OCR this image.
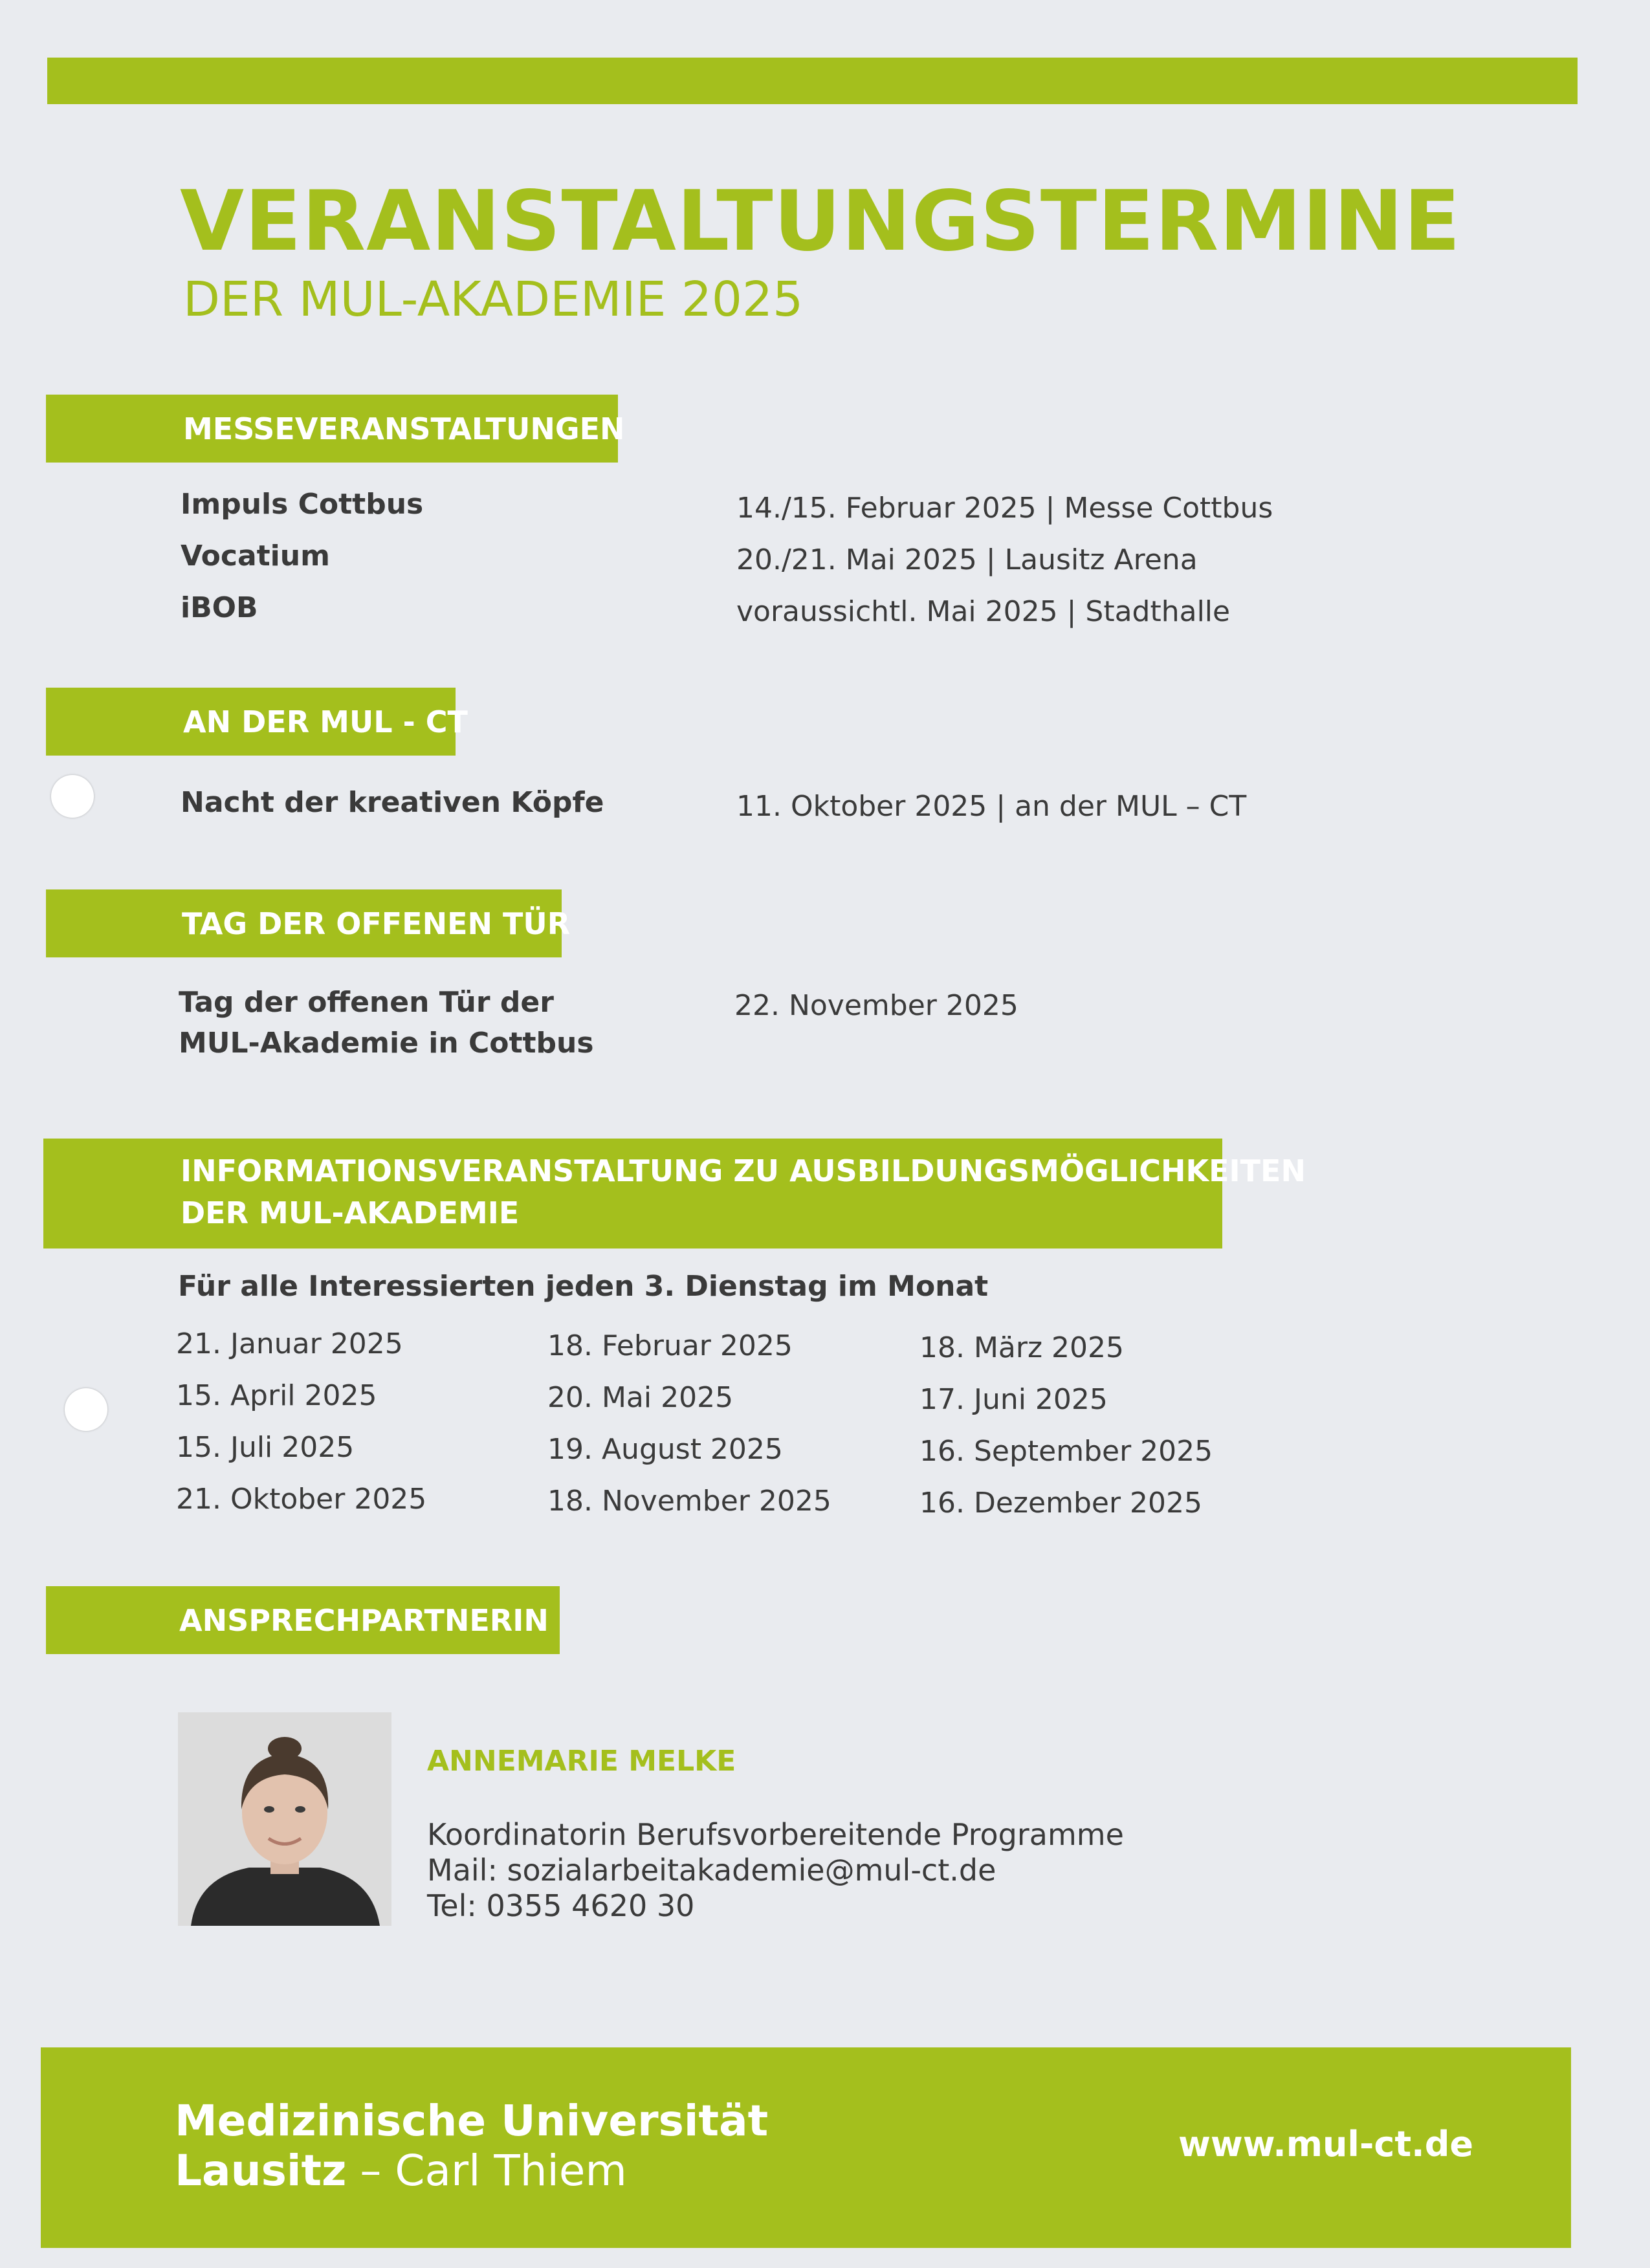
VERANSTALTUNGSTERMINE
DER MUL-AKADEMIE 2025
MESSEVERANSTALTUNGEN
Impuls Cottbus	14./15. Februar 2025 | Messe Cottbus
Vocatium	20./21. Mai 2025 | Lausitz Arena
iBOB	voraussichtl. Mai 2025 | Stadthalle
AN DER MUL - CT
Nacht der kreativen Köpfe	11. Oktober 2025 | an der MUL – CT
TAG DER OFFENEN TÜR
Tag der offenen Tür der
MUL-Akademie in Cottbus
22. November 2025
INFORMATIONSVERANSTALTUNG ZU AUSBILDUNGSMÖGLICHKEITEN
DER MUL-AKADEMIE
Für alle Interessierten jeden 3. Dienstag im Monat
21. Januar 2025	18. Februar 2025	18. März 2025
15. April 2025	20. Mai 2025	17. Juni 2025
15. Juli 2025	19. August 2025	16. September 2025
21. Oktober 2025	18. November 2025	16. Dezember 2025
ANSPRECHPARTNERIN
ANNEMARIE MELKE
Koordinatorin Berufsvorbereitende Programme
Mail: sozialarbeitakademie@mul-ct.de
Tel: 0355 4620 30
Medizinische Universität
Lausitz – Carl Thiem
www.mul-ct.de
